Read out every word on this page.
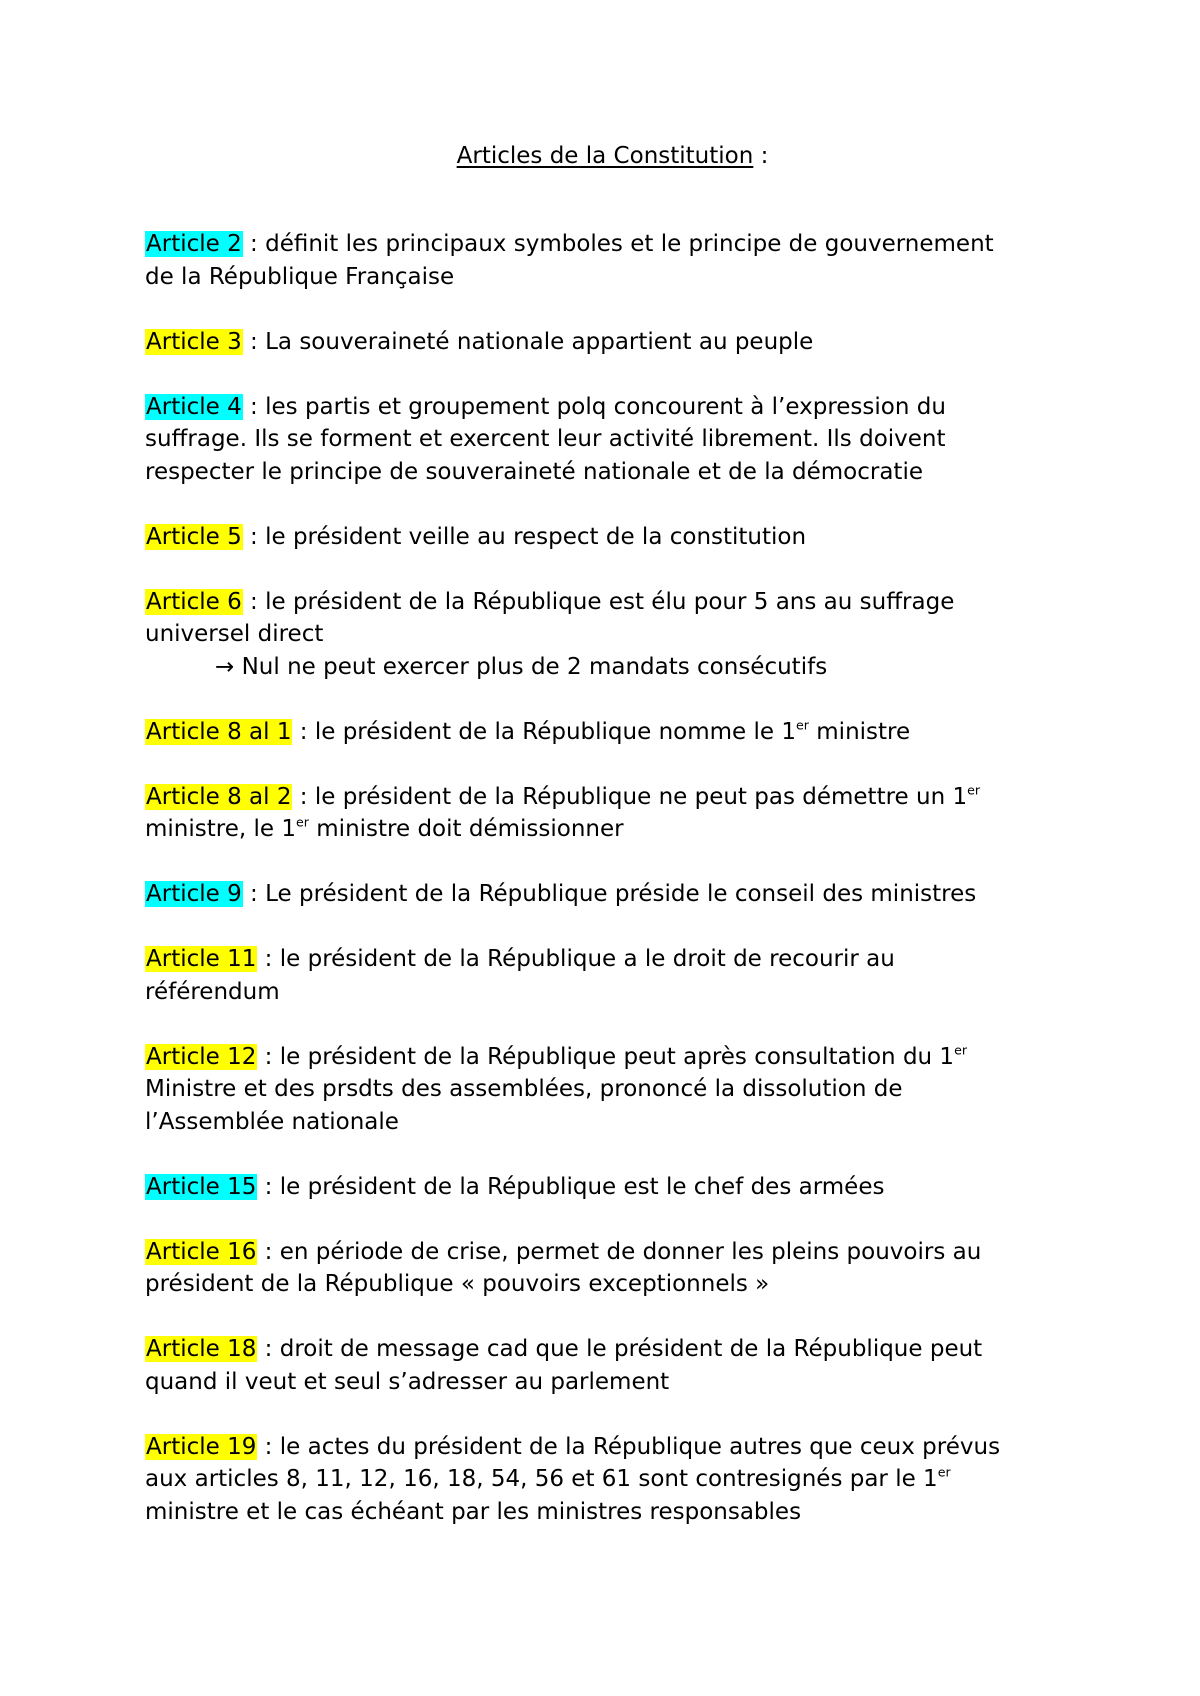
Articles de la Constitution :
Article 2 : définit les principaux symboles et le principe de gouvernement
de la République Française
Article 3 : La souveraineté nationale appartient au peuple
Article 4 : les partis et groupement polq concourent à l’expression du
suffrage. Ils se forment et exercent leur activité librement. Ils doivent
respecter le principe de souveraineté nationale et de la démocratie
Article 5 : le président veille au respect de la constitution
Article 6 : le président de la République est élu pour 5 ans au suffrage
universel direct
→ Nul ne peut exercer plus de 2 mandats consécutifs
Article 8 al 1 : le président de la République nomme le 1er ministre
Article 8 al 2 : le président de la République ne peut pas démettre un 1er
ministre, le 1er ministre doit démissionner
Article 9 : Le président de la République préside le conseil des ministres
Article 11 : le président de la République a le droit de recourir au
référendum
Article 12 : le président de la République peut après consultation du 1er
Ministre et des prsdts des assemblées, prononcé la dissolution de
l’Assemblée nationale
Article 15 : le président de la République est le chef des armées
Article 16 : en période de crise, permet de donner les pleins pouvoirs au
président de la République « pouvoirs exceptionnels »
Article 18 : droit de message cad que le président de la République peut
quand il veut et seul s’adresser au parlement
Article 19 : le actes du président de la République autres que ceux prévus
aux articles 8, 11, 12, 16, 18, 54, 56 et 61 sont contresignés par le 1er
ministre et le cas échéant par les ministres responsables
